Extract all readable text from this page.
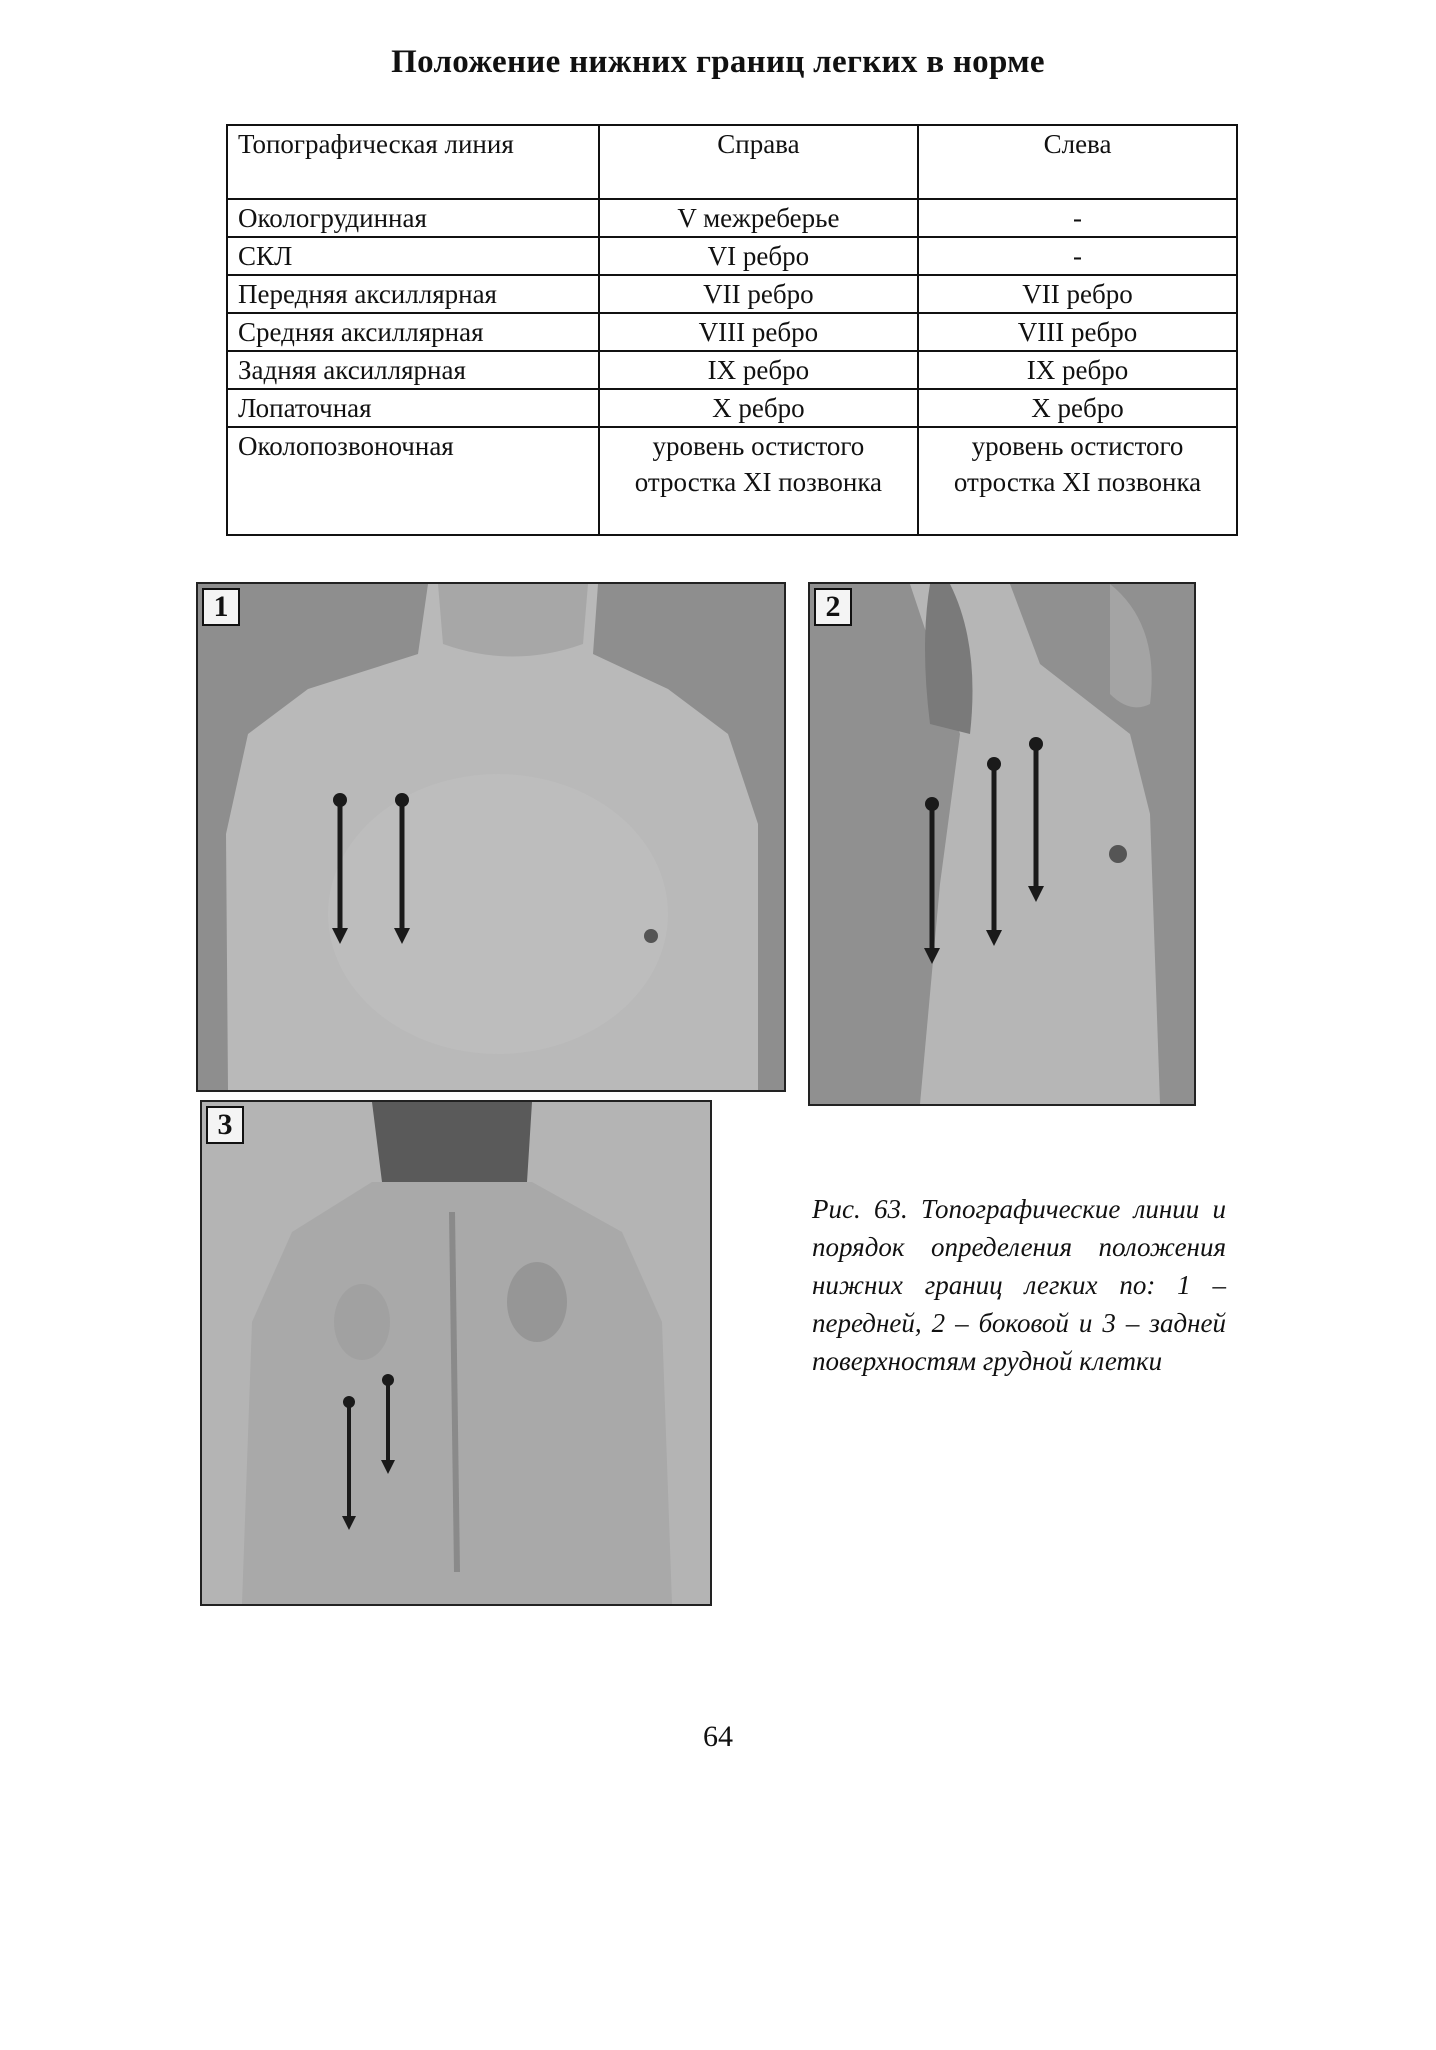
Положение нижних границ легких в норме
Топографическая линия	Справа	Слева
Окологрудинная	V межреберье	-
СКЛ	VI ребро	-
Передняя аксиллярная	VII ребро	VII ребро
Средняя аксиллярная	VIII ребро	VIII ребро
Задняя аксиллярная	IX ребро	IX ребро
Лопаточная	X ребро	X ребро
Околопозвоночная	уровень остистого отростка XI позвонка	уровень остистого отростка XI позвонка
1	2
3
Рис. 63. Топографические линии и порядок определения положения нижних границ легких по: 1 – передней, 2 – боковой и 3 – задней поверхностям грудной клетки
64
